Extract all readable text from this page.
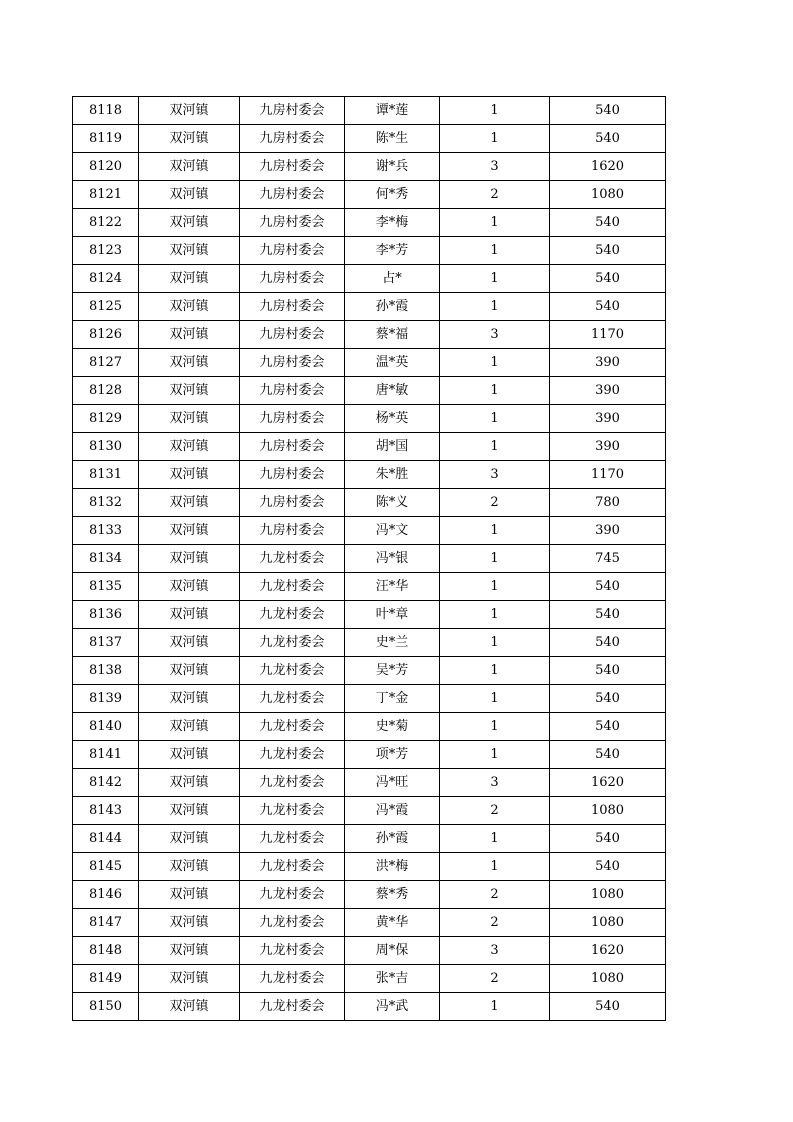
8118	双河镇	九房村委会	谭*莲	1	540
8119	双河镇	九房村委会	陈*生	1	540
8120	双河镇	九房村委会	谢*兵	3	1620
8121	双河镇	九房村委会	何*秀	2	1080
8122	双河镇	九房村委会	李*梅	1	540
8123	双河镇	九房村委会	李*芳	1	540
8124	双河镇	九房村委会	占*	1	540
8125	双河镇	九房村委会	孙*霞	1	540
8126	双河镇	九房村委会	蔡*福	3	1170
8127	双河镇	九房村委会	温*英	1	390
8128	双河镇	九房村委会	唐*敏	1	390
8129	双河镇	九房村委会	杨*英	1	390
8130	双河镇	九房村委会	胡*国	1	390
8131	双河镇	九房村委会	朱*胜	3	1170
8132	双河镇	九房村委会	陈*义	2	780
8133	双河镇	九房村委会	冯*文	1	390
8134	双河镇	九龙村委会	冯*银	1	745
8135	双河镇	九龙村委会	汪*华	1	540
8136	双河镇	九龙村委会	叶*章	1	540
8137	双河镇	九龙村委会	史*兰	1	540
8138	双河镇	九龙村委会	吴*芳	1	540
8139	双河镇	九龙村委会	丁*金	1	540
8140	双河镇	九龙村委会	史*菊	1	540
8141	双河镇	九龙村委会	项*芳	1	540
8142	双河镇	九龙村委会	冯*旺	3	1620
8143	双河镇	九龙村委会	冯*霞	2	1080
8144	双河镇	九龙村委会	孙*霞	1	540
8145	双河镇	九龙村委会	洪*梅	1	540
8146	双河镇	九龙村委会	蔡*秀	2	1080
8147	双河镇	九龙村委会	黄*华	2	1080
8148	双河镇	九龙村委会	周*保	3	1620
8149	双河镇	九龙村委会	张*吉	2	1080
8150	双河镇	九龙村委会	冯*武	1	540
